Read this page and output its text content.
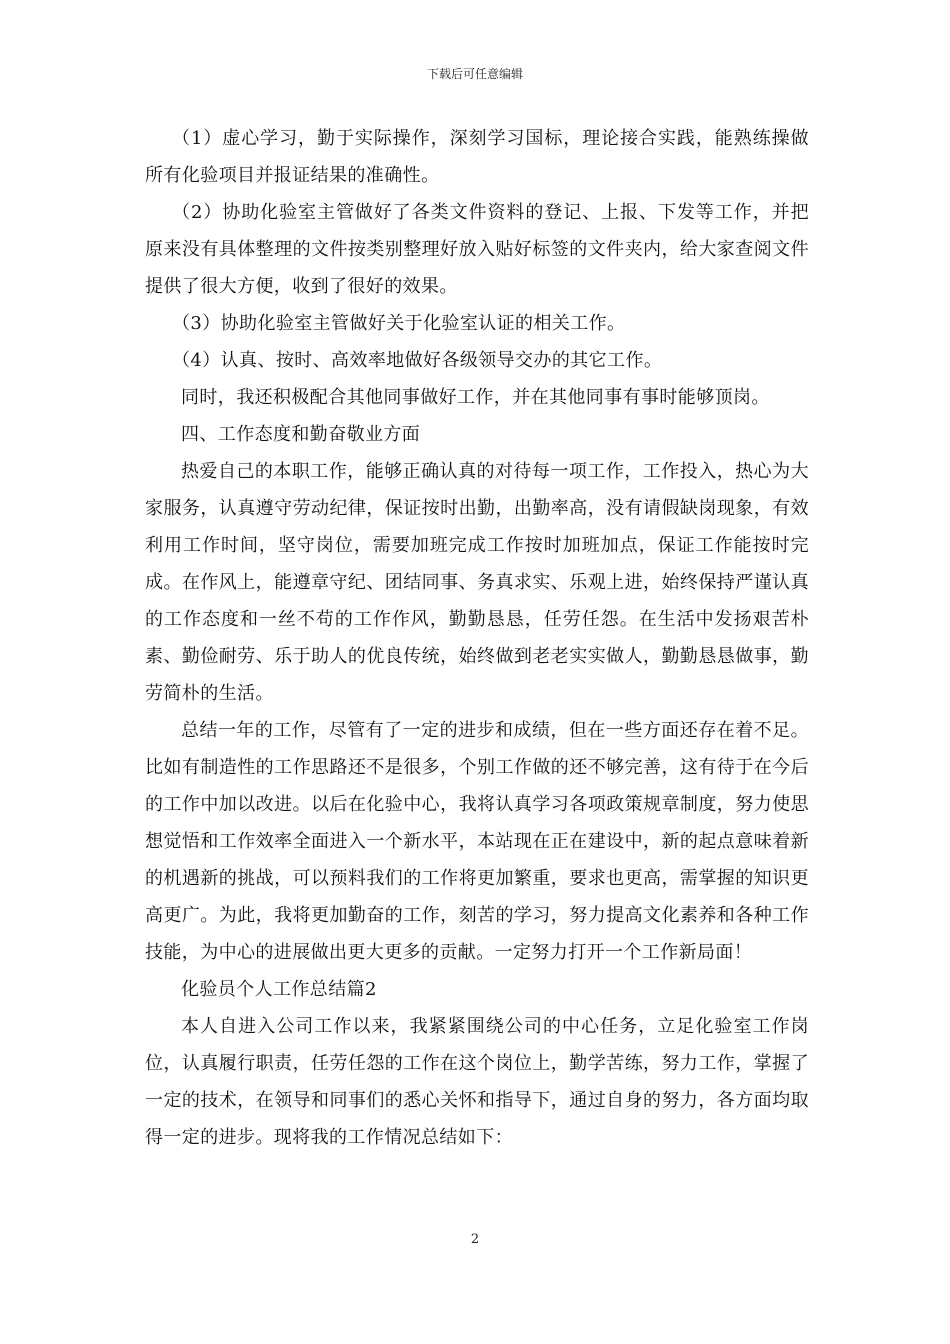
下载后可任意编辑

（1）虚心学习，勤于实际操作，深刻学习国标，理论接合实践，能熟练操做所有化验项目并报证结果的准确性。

（2）协助化验室主管做好了各类文件资料的登记、上报、下发等工作，并把原来没有具体整理的文件按类别整理好放入贴好标签的文件夹内，给大家查阅文件提供了很大方便，收到了很好的效果。

（3）协助化验室主管做好关于化验室认证的相关工作。

（4）认真、按时、高效率地做好各级领导交办的其它工作。

同时，我还积极配合其他同事做好工作，并在其他同事有事时能够顶岗。

四、工作态度和勤奋敬业方面

热爱自己的本职工作，能够正确认真的对待每一项工作，工作投入，热心为大家服务，认真遵守劳动纪律，保证按时出勤，出勤率高，没有请假缺岗现象，有效利用工作时间，坚守岗位，需要加班完成工作按时加班加点，保证工作能按时完成。在作风上，能遵章守纪、团结同事、务真求实、乐观上进，始终保持严谨认真的工作态度和一丝不苟的工作作风，勤勤恳恳，任劳任怨。在生活中发扬艰苦朴素、勤俭耐劳、乐于助人的优良传统，始终做到老老实实做人，勤勤恳恳做事，勤劳简朴的生活。

总结一年的工作，尽管有了一定的进步和成绩，但在一些方面还存在着不足。比如有制造性的工作思路还不是很多，个别工作做的还不够完善，这有待于在今后的工作中加以改进。以后在化验中心，我将认真学习各项政策规章制度，努力使思想觉悟和工作效率全面进入一个新水平，本站现在正在建设中，新的起点意味着新的机遇新的挑战，可以预料我们的工作将更加繁重，要求也更高，需掌握的知识更高更广。为此，我将更加勤奋的工作，刻苦的学习，努力提高文化素养和各种工作技能，为中心的进展做出更大更多的贡献。一定努力打开一个工作新局面！

化验员个人工作总结篇2

本人自进入公司工作以来，我紧紧围绕公司的中心任务，立足化验室工作岗位，认真履行职责，任劳任怨的工作在这个岗位上，勤学苦练，努力工作，掌握了一定的技术，在领导和同事们的悉心关怀和指导下，通过自身的努力，各方面均取得一定的进步。现将我的工作情况总结如下：

2
